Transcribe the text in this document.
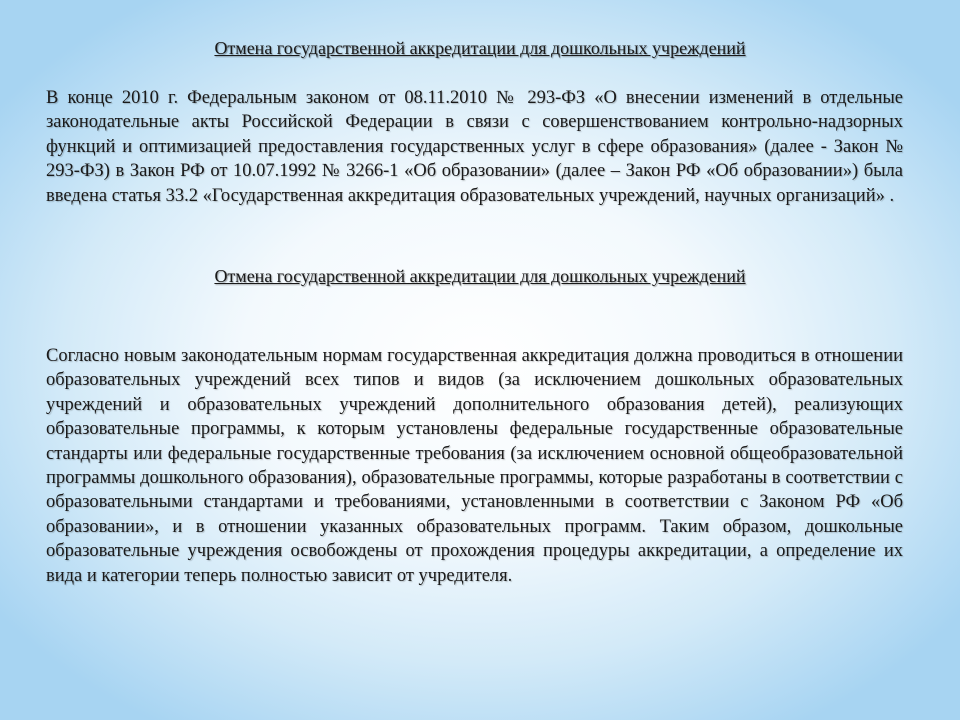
Отмена государственной аккредитации для дошкольных учреждений

В конце 2010 г. Федеральным законом от 08.11.2010 № 293-ФЗ «О внесении изменений в отдельные законодательные акты Российской Федерации в связи с совершенствованием контрольно-надзорных функций и оптимизацией предоставления государственных услуг в сфере образования» (далее - Закон № 293-ФЗ) в Закон РФ от 10.07.1992 № 3266-1 «Об образовании» (далее – Закон РФ «Об образовании») была введена статья 33.2 «Государственная аккредитация образовательных учреждений, научных организаций» .

Отмена государственной аккредитации для дошкольных учреждений

Согласно новым законодательным нормам государственная аккредитация должна проводиться в отношении образовательных учреждений всех типов и видов (за исключением дошкольных образовательных учреждений и образовательных учреждений дополнительного образования детей), реализующих образовательные программы, к которым установлены федеральные государственные образовательные стандарты или федеральные государственные требования (за исключением основной общеобразовательной программы дошкольного образования), образовательные программы, которые разработаны в соответствии с образовательными стандартами и требованиями, установленными в соответствии с Законом РФ «Об образовании», и в отношении указанных образовательных программ. Таким образом, дошкольные образовательные учреждения освобождены от прохождения процедуры аккредитации, а определение их вида и категории теперь полностью зависит от учредителя.
